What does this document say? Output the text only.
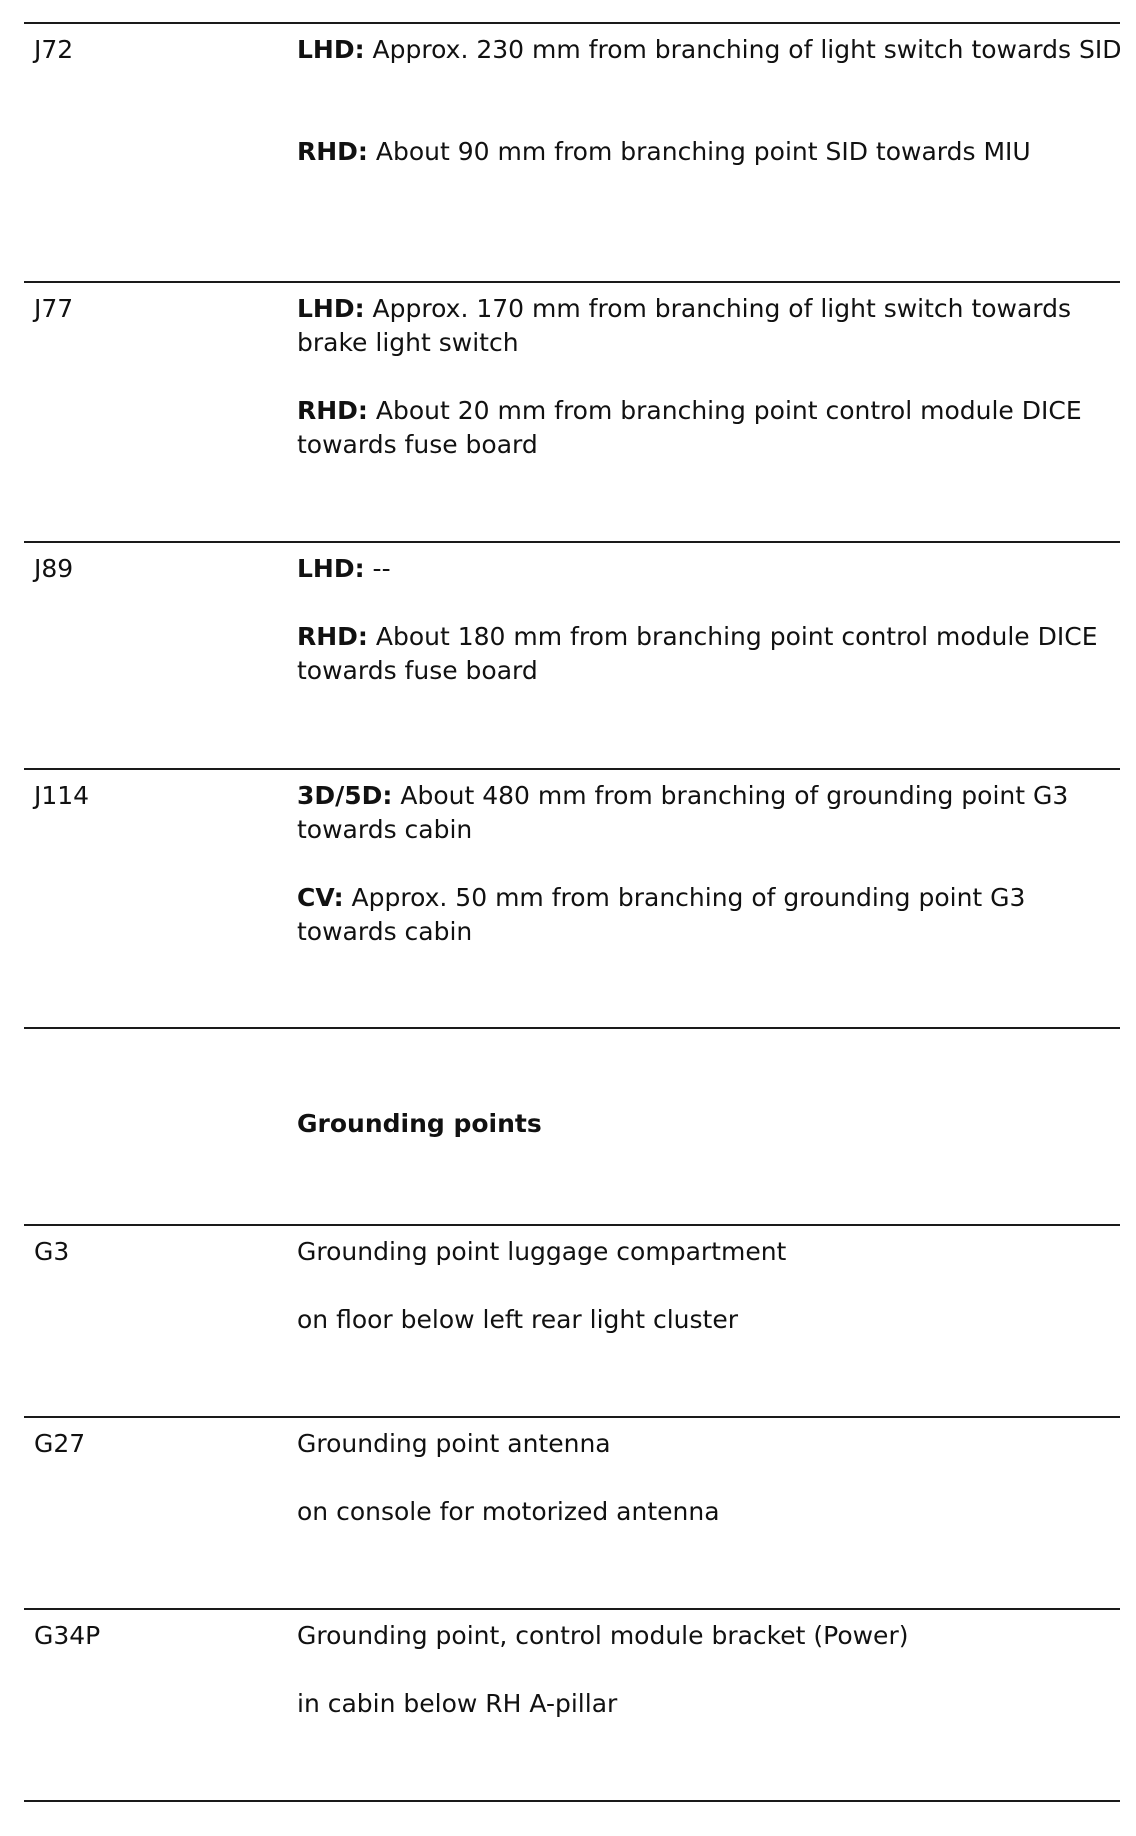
J72	LHD: Approx. 230 mm from branching of light switch towards SID
RHD: About 90 mm from branching point SID towards MIU
J77	LHD: Approx. 170 mm from branching of light switch towards brake light switch
RHD: About 20 mm from branching point control module DICE towards fuse board
J89	LHD: --
RHD: About 180 mm from branching point control module DICE towards fuse board
J114	3D/5D: About 480 mm from branching of grounding point G3 towards cabin
CV: Approx. 50 mm from branching of grounding point G3 towards cabin
Grounding points
G3	Grounding point luggage compartment
on floor below left rear light cluster
G27	Grounding point antenna
on console for motorized antenna
G34P	Grounding point, control module bracket (Power)
in cabin below RH A-pillar
